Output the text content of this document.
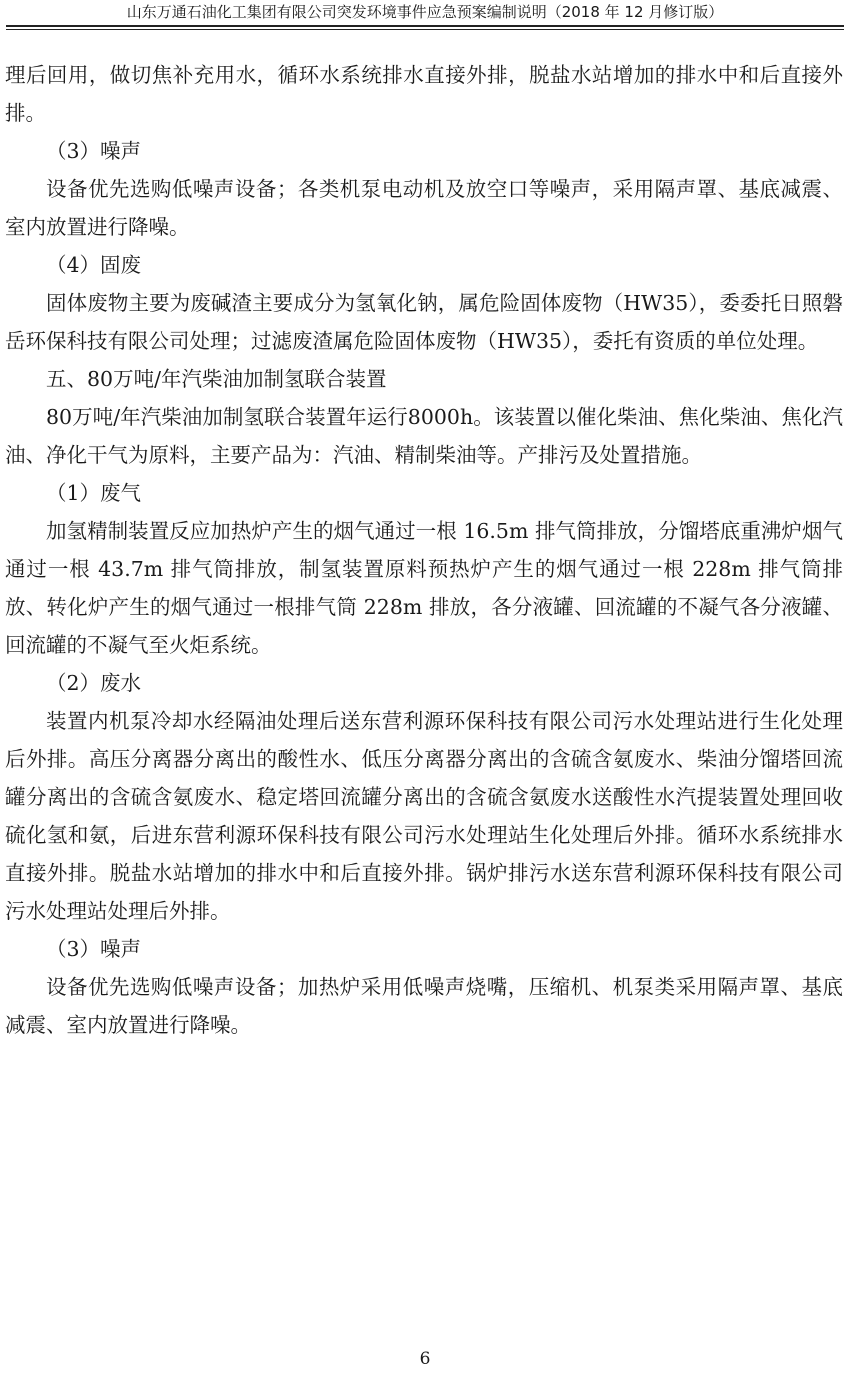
山东万通石油化工集团有限公司突发环境事件应急预案编制说明（2018 年 12 月修订版）

理后回用，做切焦补充用水，循环水系统排水直接外排，脱盐水站增加的排水中和后直接外排。

（3）噪声

设备优先选购低噪声设备；各类机泵电动机及放空口等噪声，采用隔声罩、基底减震、室内放置进行降噪。

（4）固废

固体废物主要为废碱渣主要成分为氢氧化钠，属危险固体废物（HW35），委委托日照磐岳环保科技有限公司处理；过滤废渣属危险固体废物（HW35），委托有资质的单位处理。

五、80万吨/年汽柴油加制氢联合装置

80万吨/年汽柴油加制氢联合装置年运行8000h。该装置以催化柴油、焦化柴油、焦化汽油、净化干气为原料，主要产品为：汽油、精制柴油等。产排污及处置措施。

（1）废气

加氢精制装置反应加热炉产生的烟气通过一根 16.5m 排气筒排放，分馏塔底重沸炉烟气通过一根 43.7m 排气筒排放，制氢装置原料预热炉产生的烟气通过一根 228m 排气筒排放、转化炉产生的烟气通过一根排气筒 228m 排放，各分液罐、回流罐的不凝气各分液罐、回流罐的不凝气至火炬系统。

（2）废水

装置内机泵冷却水经隔油处理后送东营利源环保科技有限公司污水处理站进行生化处理后外排。高压分离器分离出的酸性水、低压分离器分离出的含硫含氨废水、柴油分馏塔回流罐分离出的含硫含氨废水、稳定塔回流罐分离出的含硫含氨废水送酸性水汽提装置处理回收硫化氢和氨，后进东营利源环保科技有限公司污水处理站生化处理后外排。循环水系统排水直接外排。脱盐水站增加的排水中和后直接外排。锅炉排污水送东营利源环保科技有限公司污水处理站处理后外排。

（3）噪声

设备优先选购低噪声设备；加热炉采用低噪声烧嘴，压缩机、机泵类采用隔声罩、基底减震、室内放置进行降噪。

6
